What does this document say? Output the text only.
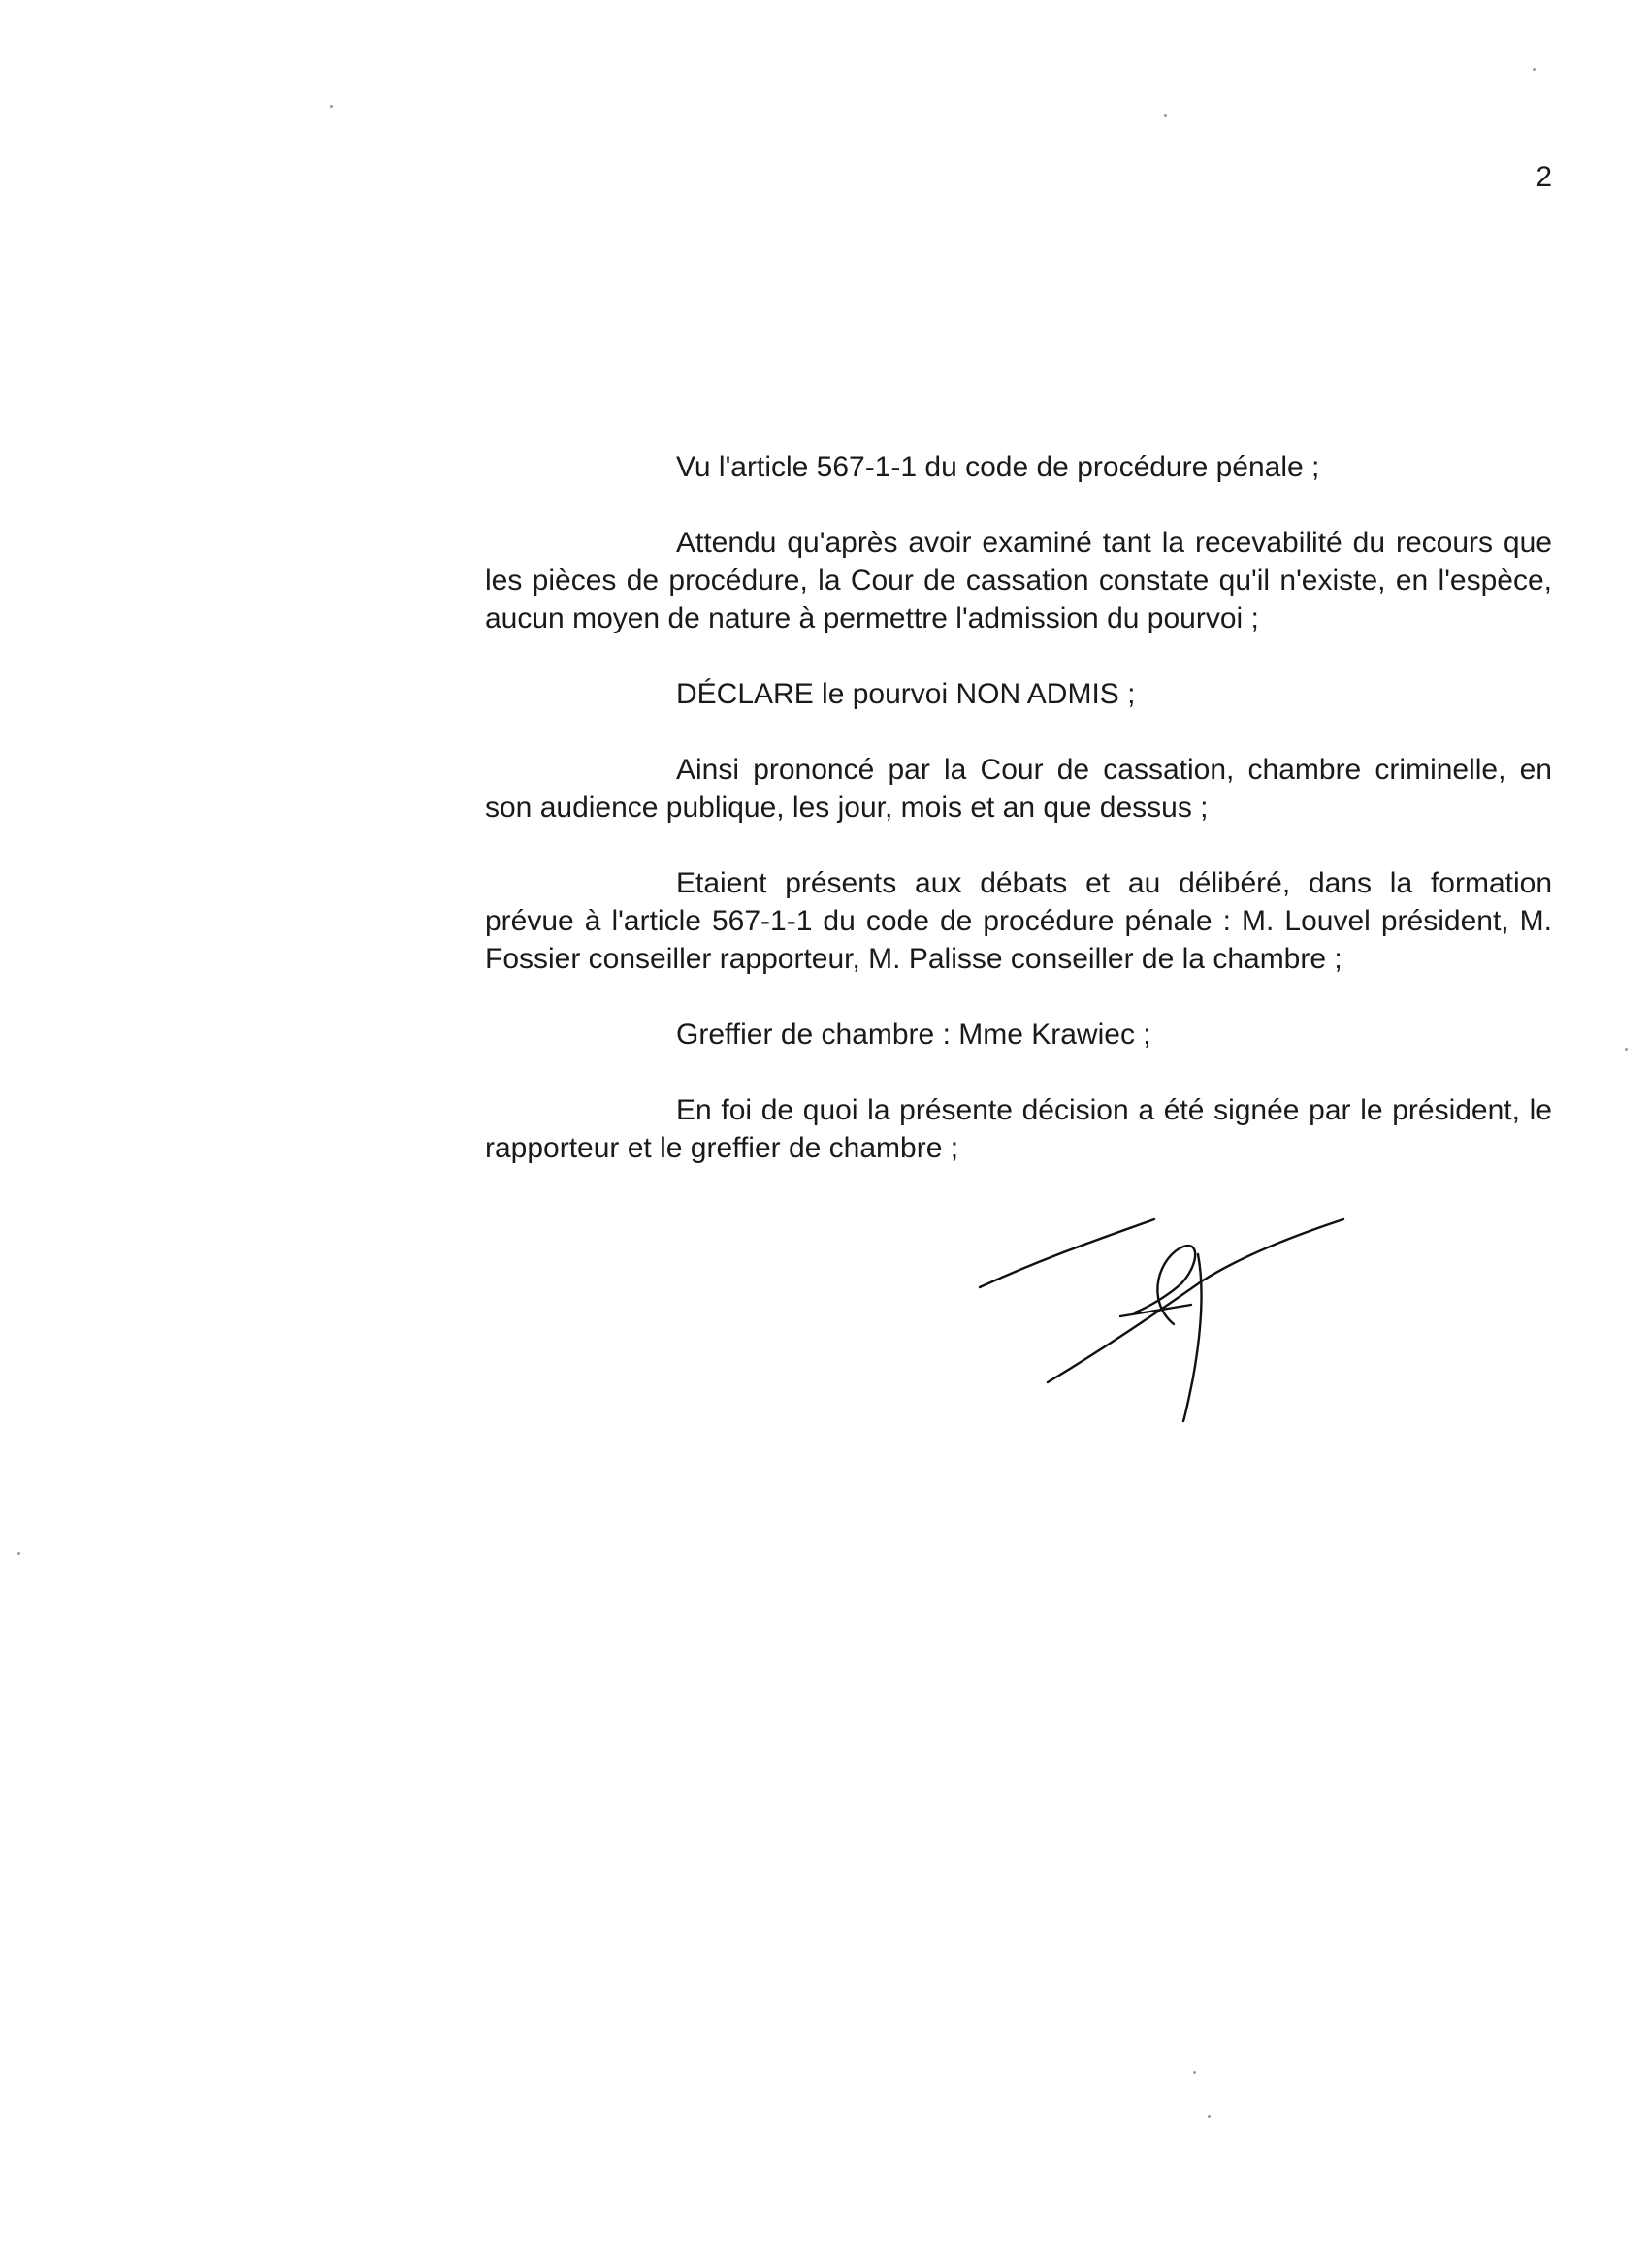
2

Vu l'article 567-1-1 du code de procédure pénale ;

Attendu qu'après avoir examiné tant la recevabilité du recours que les pièces de procédure, la Cour de cassation constate qu'il n'existe, en l'espèce, aucun moyen de nature à permettre l'admission du pourvoi ;

DÉCLARE le pourvoi NON ADMIS ;

Ainsi prononcé par la Cour de cassation, chambre criminelle, en son audience publique, les jour, mois et an que dessus ;

Etaient présents aux débats et au délibéré, dans la formation prévue à l'article 567-1-1 du code de procédure pénale : M. Louvel président, M. Fossier conseiller rapporteur, M. Palisse conseiller de la chambre ;

Greffier de chambre : Mme Krawiec ;

En foi de quoi la présente décision a été signée par le président, le rapporteur et le greffier de chambre ;
